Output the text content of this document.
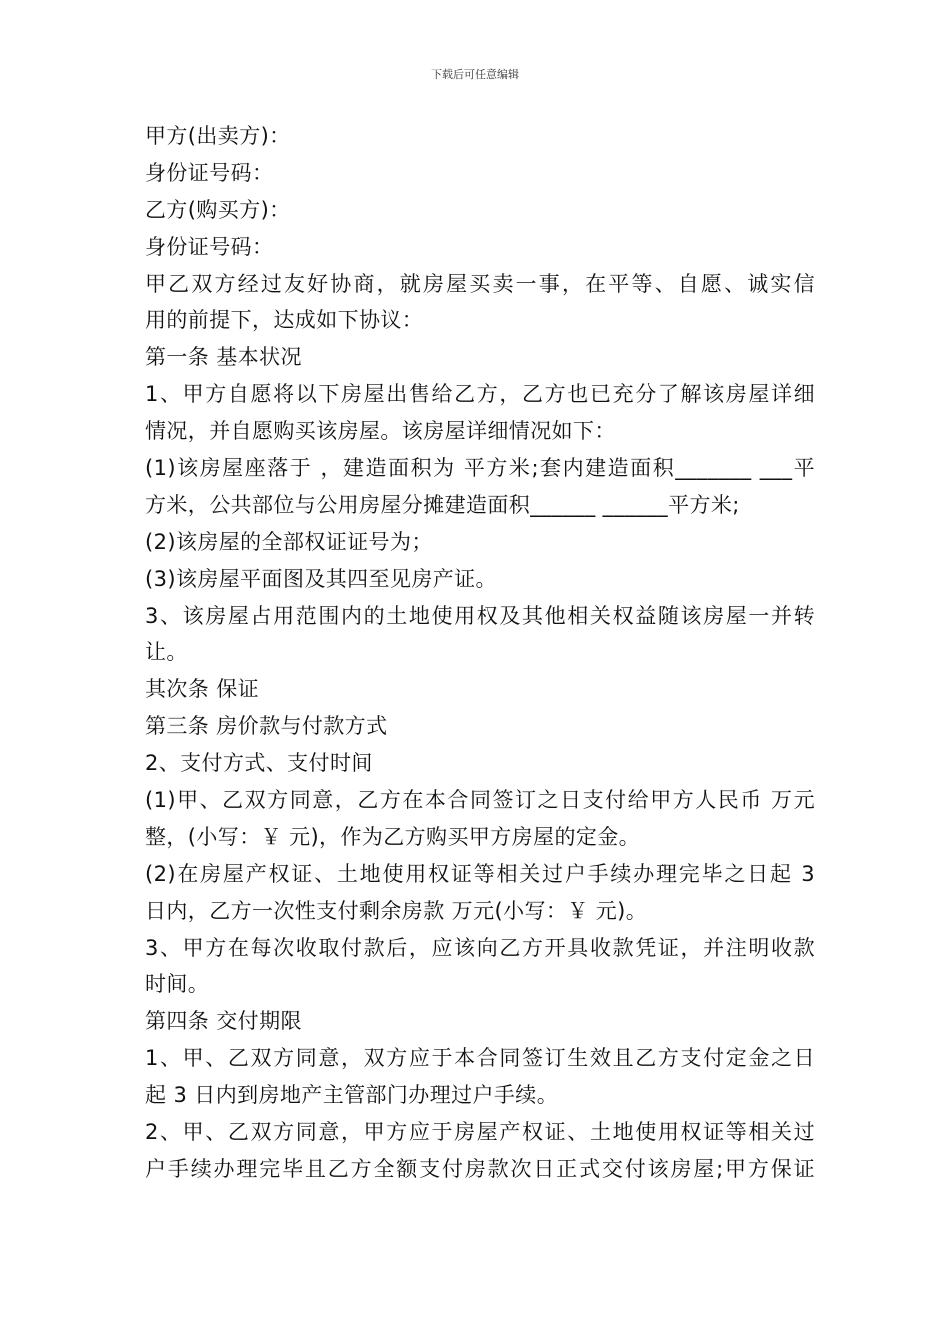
下载后可任意编辑
甲方(出卖方)：
身份证号码：
乙方(购买方)：
身份证号码：
甲乙双方经过友好协商，就房屋买卖一事，在平等、自愿、诚实信
用的前提下，达成如下协议：
第一条 基本状况
1、甲方自愿将以下房屋出售给乙方，乙方也已充分了解该房屋详细
情况，并自愿购买该房屋。该房屋详细情况如下：
(1)该房屋座落于 ，建造面积为 平方米;套内建造面积_______ ___平
方米，公共部位与公用房屋分摊建造面积______ ______平方米;
(2)该房屋的全部权证证号为；
(3)该房屋平面图及其四至见房产证。
3、该房屋占用范围内的土地使用权及其他相关权益随该房屋一并转
让。
其次条 保证
第三条 房价款与付款方式
2、支付方式、支付时间
(1)甲、乙双方同意，乙方在本合同签订之日支付给甲方人民币 万元
整，(小写：￥ 元)，作为乙方购买甲方房屋的定金。
(2)在房屋产权证、土地使用权证等相关过户手续办理完毕之日起 3
日内，乙方一次性支付剩余房款 万元(小写：￥ 元)。
3、甲方在每次收取付款后，应该向乙方开具收款凭证，并注明收款
时间。
第四条 交付期限
1、甲、乙双方同意，双方应于本合同签订生效且乙方支付定金之日
起 3 日内到房地产主管部门办理过户手续。
2、甲、乙双方同意，甲方应于房屋产权证、土地使用权证等相关过
户手续办理完毕且乙方全额支付房款次日正式交付该房屋;甲方保证
